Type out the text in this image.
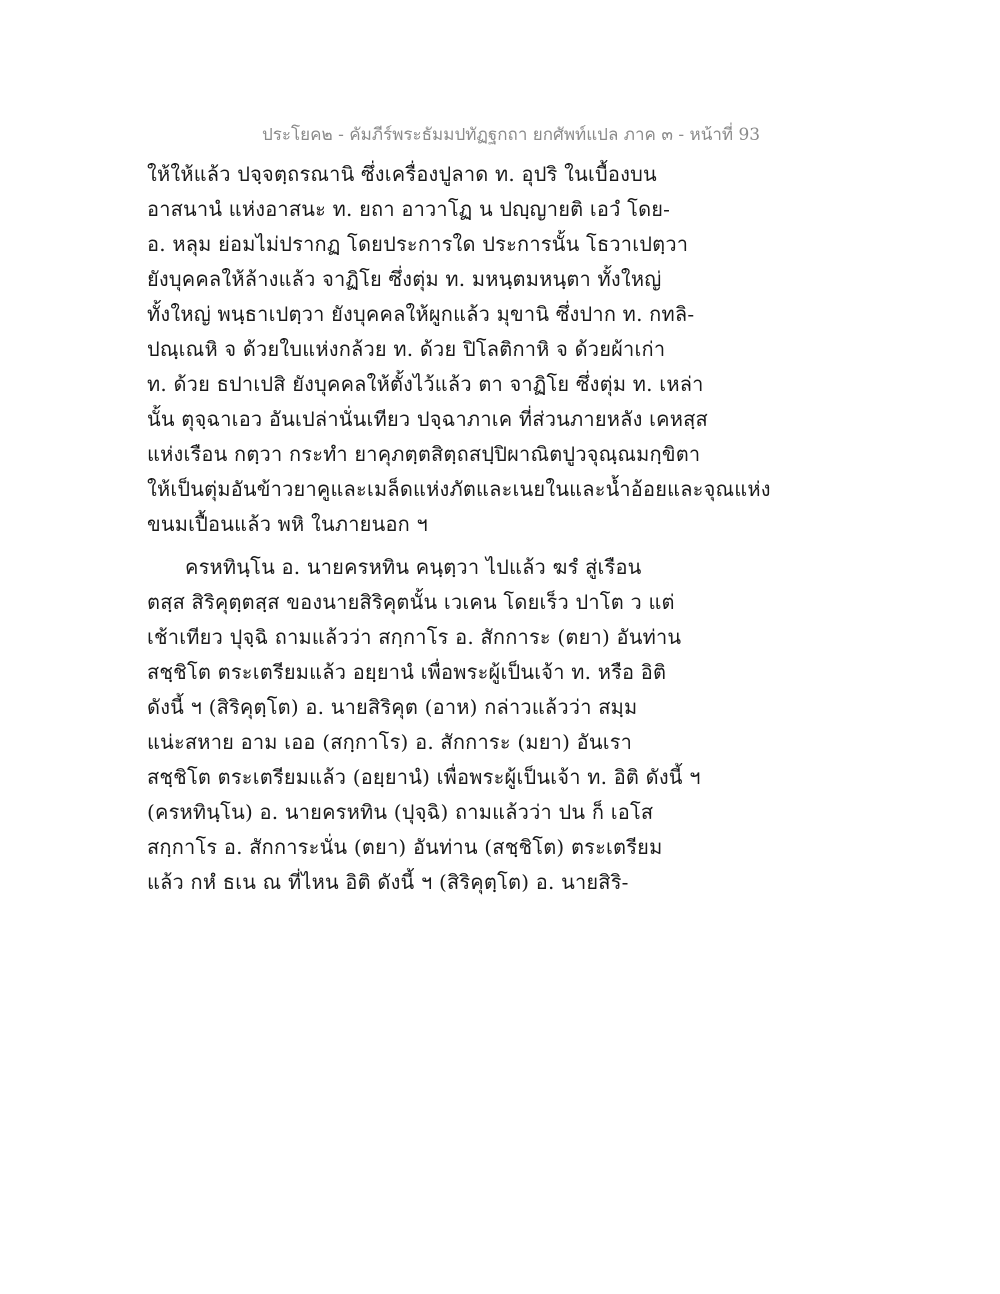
ประโยค๒ - คัมภีร์พระธัมมปทัฏฐกถา ยกศัพท์แปล ภาค ๓ - หน้าที่ 93
ให้ให้แล้ว ปจฺจตฺถรณานิ ซึ่งเครื่องปูลาด ท. อุปริ ในเบื้องบน
อาสนานํ แห่งอาสนะ ท. ยถา อาวาโฏ น ปญฺญายติ เอวํ โดย-
อ. หลุม ย่อมไม่ปรากฏ โดยประการใด ประการนั้น โธวาเปตฺวา
ยังบุคคลให้ล้างแล้ว จาฏิโย ซึ่งตุ่ม ท. มหนฺตมหนฺตา ทั้งใหญ่
ทั้งใหญ่ พนฺธาเปตฺวา ยังบุคคลให้ผูกแล้ว มุขานิ ซึ่งปาก ท. กทลิ-
ปณฺเณหิ จ ด้วยใบแห่งกล้วย ท. ด้วย ปิโลติกาหิ จ ด้วยผ้าเก่า
ท. ด้วย ธปาเปสิ ยังบุคคลให้ตั้งไว้แล้ว ตา จาฏิโย ซึ่งตุ่ม ท. เหล่า
นั้น ตุจฺฉาเอว อันเปล่านั่นเทียว ปจฺฉาภาเค ที่ส่วนภายหลัง เคหสฺส
แห่งเรือน กตฺวา กระทำ ยาคุภตฺตสิตฺถสปฺปิผาณิตปูวจุณฺณมกฺขิตา
ให้เป็นตุ่มอันข้าวยาคูและเมล็ดแห่งภัตและเนยในและน้ำอ้อยและจุณแห่ง
ขนมเปื้อนแล้ว พหิ ในภายนอก ฯ
ครหทินฺโน อ. นายครหทิน คนฺตฺวา ไปแล้ว ฆรํ สู่เรือน
ตสฺส สิริคุตฺตสฺส ของนายสิริคุตนั้น เวเคน โดยเร็ว ปาโต ว แต่
เช้าเทียว ปุจฺฉิ ถามแล้วว่า สกฺกาโร อ. สักการะ (ตยา) อันท่าน
สชฺชิโต ตระเตรียมแล้ว อยฺยานํ เพื่อพระผู้เป็นเจ้า ท. หรือ อิติ
ดังนี้ ฯ (สิริคุตฺโต) อ. นายสิริคุต (อาห) กล่าวแล้วว่า สมฺม
แน่ะสหาย อาม เออ (สกฺกาโร) อ. สักการะ (มยา) อันเรา
สชฺชิโต ตระเตรียมแล้ว (อยฺยานํ) เพื่อพระผู้เป็นเจ้า ท. อิติ ดังนี้ ฯ
(ครหทินฺโน) อ. นายครหทิน (ปุจฺฉิ) ถามแล้วว่า ปน ก็ เอโส
สกฺกาโร อ. สักการะนั่น (ตยา) อันท่าน (สชฺชิโต) ตระเตรียม
แล้ว กหํ ธเน ณ ที่ไหน อิติ ดังนี้ ฯ (สิริคุตฺโต) อ. นายสิริ-
